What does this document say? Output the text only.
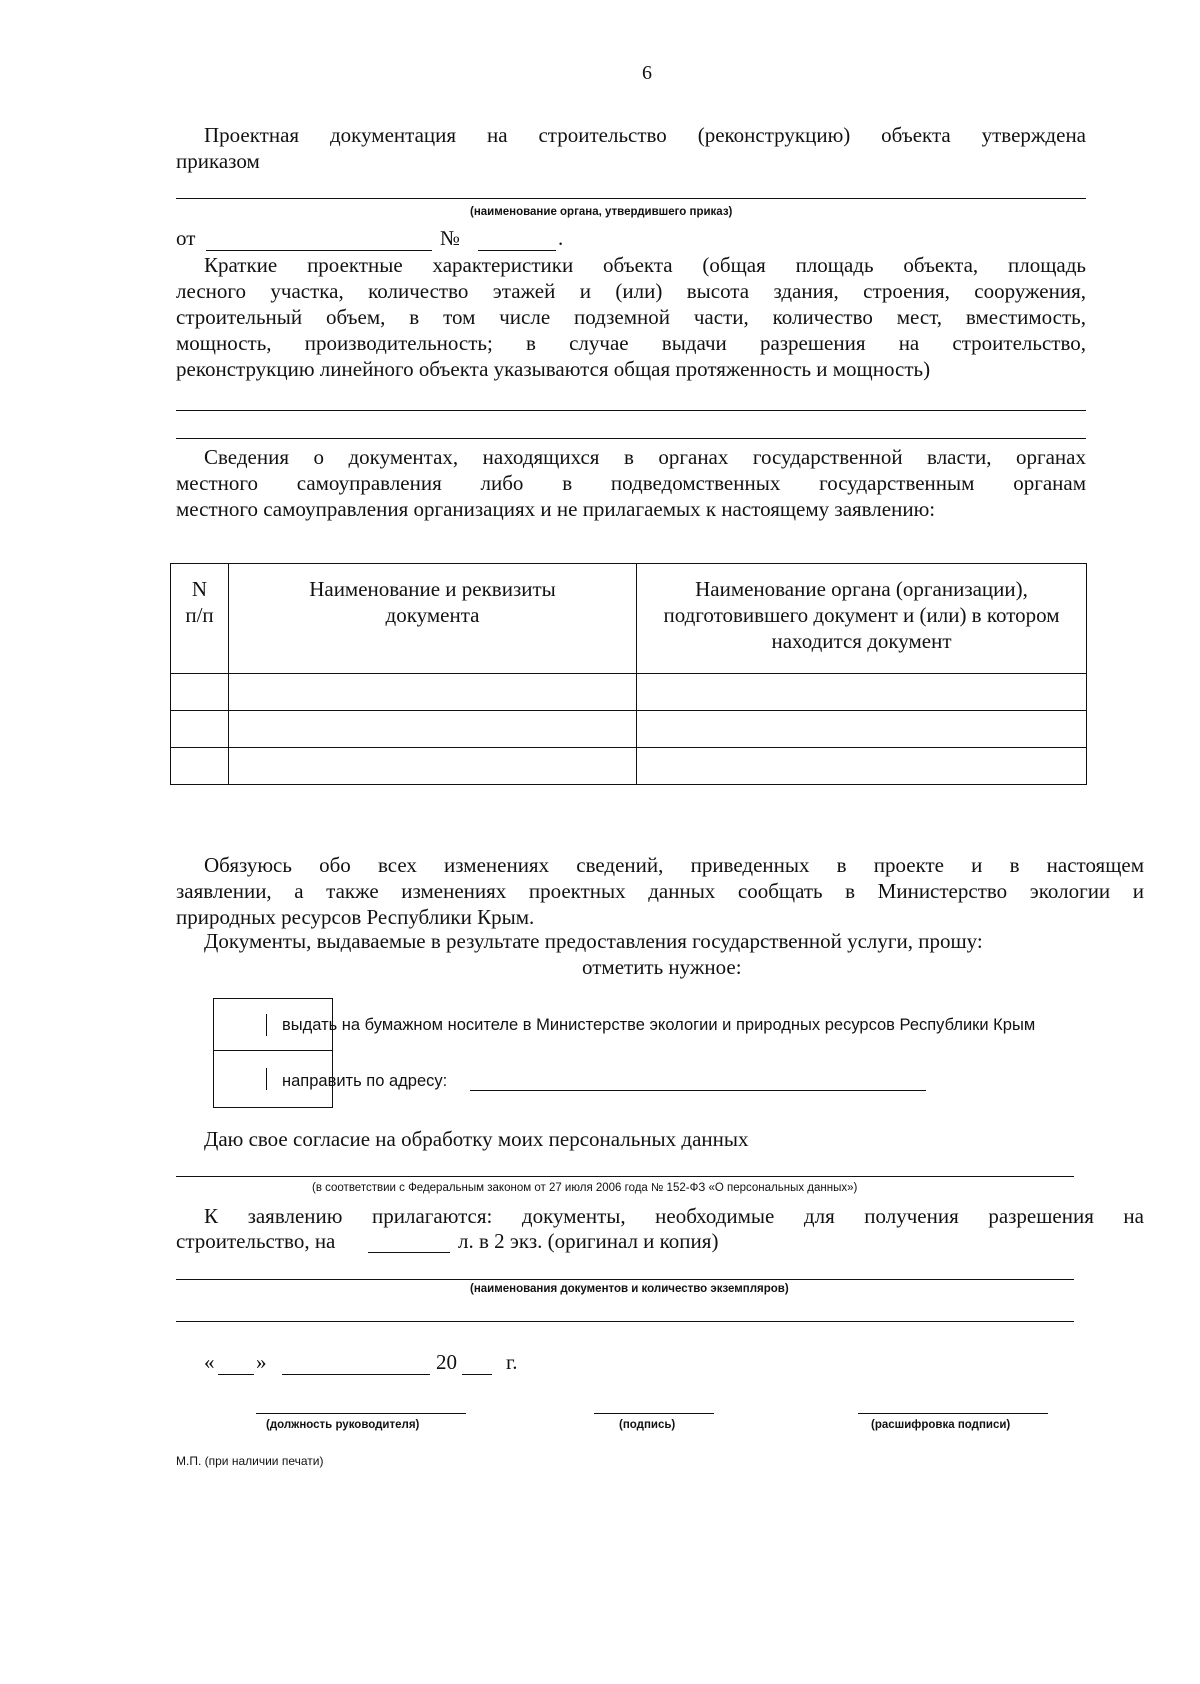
6
Проектная документация на строительство (реконструкцию) объекта утверждена
приказом
(наименование органа, утвердившего приказ)
от	№	.
Краткие проектные характеристики объекта (общая площадь объекта, площадь
лесного участка, количество этажей и (или) высота здания, строения, сооружения,
строительный объем, в том числе подземной части, количество мест, вместимость,
мощность, производительность; в случае выдачи разрешения на строительство,
реконструкцию линейного объекта указываются общая протяженность и мощность)
Сведения о документах, находящихся в органах государственной власти, органах
местного самоуправления либо в подведомственных государственным органам
местного самоуправления организациях и не прилагаемых к настоящему заявлению:
N п/п	Наименование и реквизиты документа	Наименование органа (организации), подготовившего документ и (или) в котором находится документ

Обязуюсь обо всех изменениях сведений, приведенных в проекте и в настоящем
заявлении, а также изменениях проектных данных сообщать в Министерство экологии и
природных ресурсов Республики Крым.
Документы, выдаваемые в результате предоставления государственной услуги, прошу:
отметить нужное:
выдать на бумажном носителе в Министерстве экологии и природных ресурсов Республики Крым
направить по адресу:
Даю свое согласие на обработку моих персональных данных
(в соответствии с Федеральным законом от 27 июля 2006 года № 152-ФЗ «О персональных данных»)
К заявлению прилагаются: документы, необходимые для получения разрешения на
строительство, на	л. в 2 экз. (оригинал и копия)
(наименования документов и количество экземпляров)
« »	20 г.
(должность руководителя)	(подпись)	(расшифровка подписи)
М.П. (при наличии печати)
